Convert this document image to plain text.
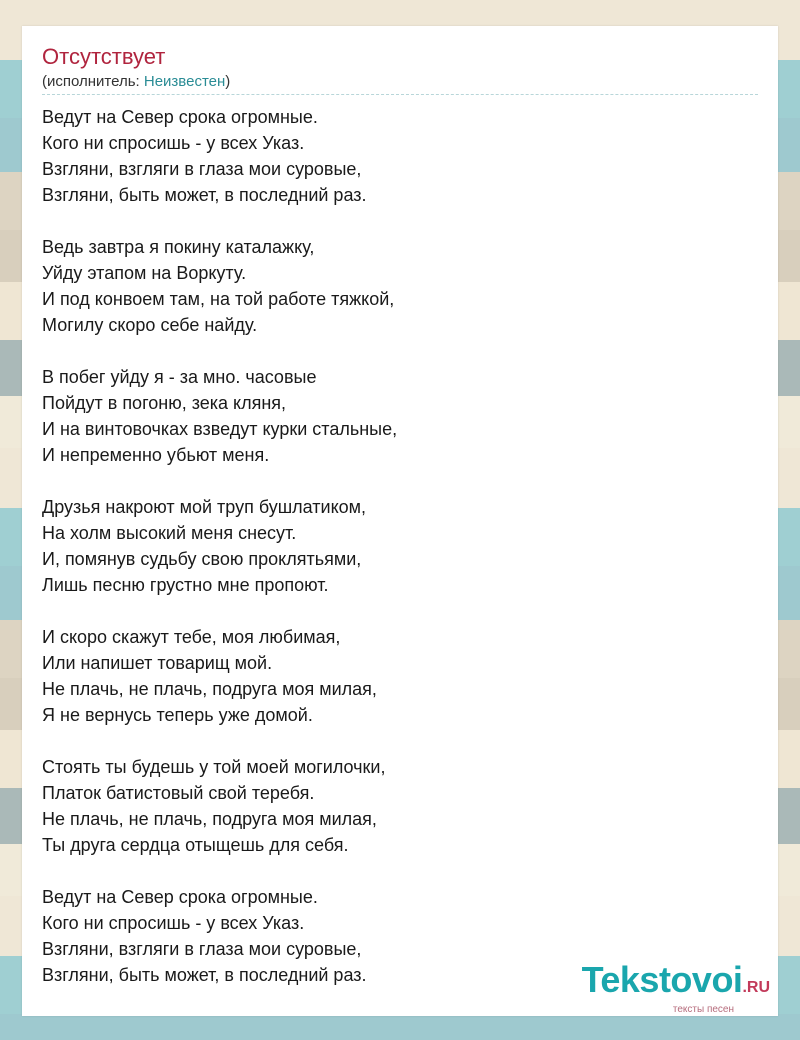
Отсутствует
(исполнитель: Неизвестен)
Ведут на Север срока огромные.
Кого ни спросишь - у всех Указ.
Взгляни, взгляги в глаза мои суровые,
Взгляни, быть может, в последний раз.
Ведь завтра я покину каталажку,
Уйду этапом на Воркуту.
И под конвоем там, на той работе тяжкой,
Могилу скоро себе найду.
В побег уйду я - за мно. часовые
Пойдут в погоню, зека кляня,
И на винтовочках взведут курки стальные,
И непременно убьют меня.
Друзья накроют мой труп бушлатиком,
На холм высокий меня снесут.
И, помянув судьбу свою проклятьями,
Лишь песню грустно мне пропоют.
И скоро скажут тебе, моя любимая,
Или напишет товарищ мой.
Не плачь, не плачь, подруга моя милая,
Я не вернусь теперь уже домой.
Стоять ты будешь у той моей могилочки,
Платок батистовый свой теребя.
Не плачь, не плачь, подруга моя милая,
Ты друга сердца отыщешь для себя.
Ведут на Север срока огромные.
Кого ни спросишь - у всех Указ.
Взгляни, взгляги в глаза мои суровые,
Взгляни, быть может, в последний раз.	Tekstovoi.RU
тексты песен
